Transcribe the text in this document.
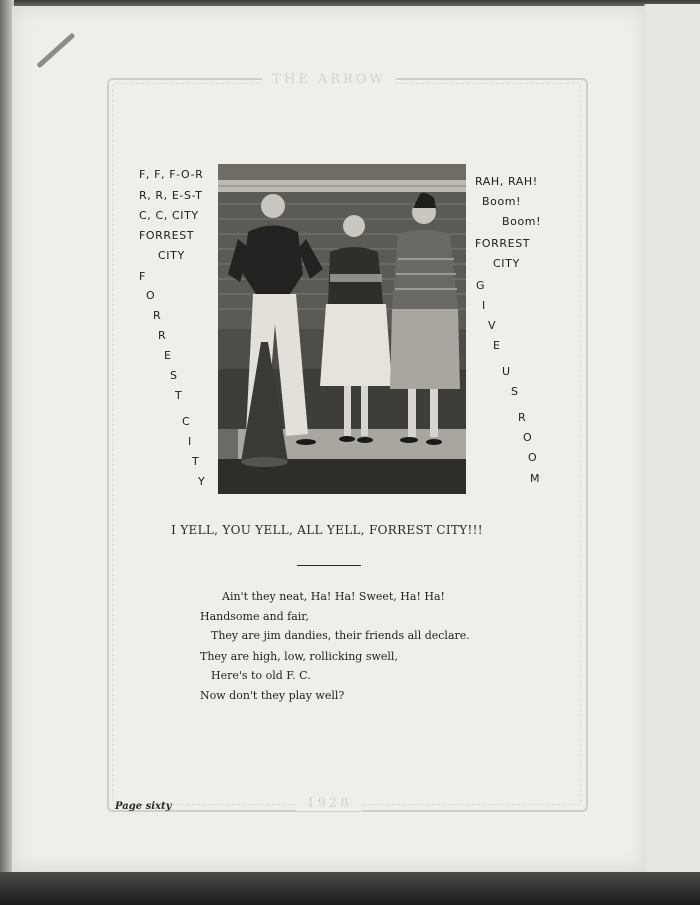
THE ARROW
1928
F, F, F-O-R
R, R, E-S-T
C, C, CITY
FORREST
CITY
F
O
R
R
E
S
T
C
I
T
Y
RAH, RAH!
Boom!
Boom!
FORREST
CITY
G
I
V
E
U
S
R
O
O
M
I YELL, YOU YELL, ALL YELL, FORREST CITY!!!
Ain't they neat, Ha! Ha! Sweet, Ha! Ha!
Handsome and fair,
They are jim dandies, their friends all declare.
They are high, low, rollicking swell,
Here's to old F. C.
Now don't they play well?
Page sixty
